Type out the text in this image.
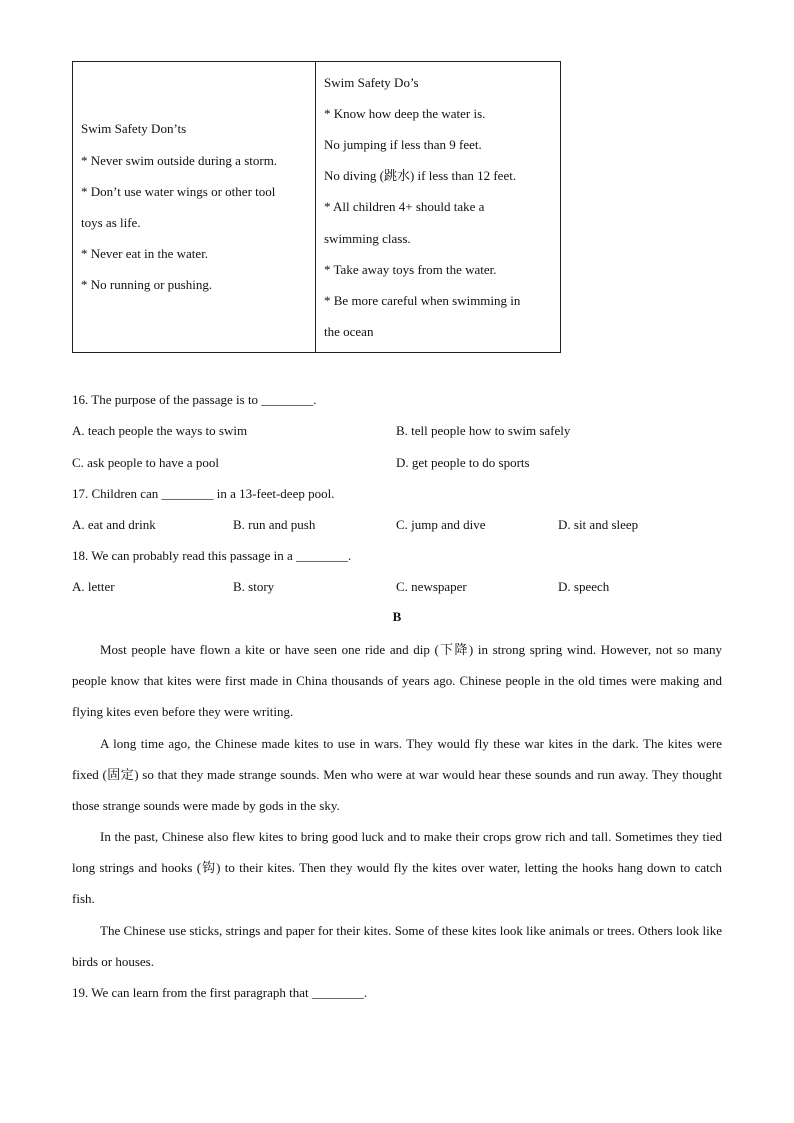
Swim Safety Don’ts
* Never swim outside during a storm.
* Don’t use water wings or other tool
toys as life.
* Never eat in the water.
* No running or pushing.

Swim Safety Do’s
* Know how deep the water is.
No jumping if less than 9 feet.
No diving (跳水) if less than 12 feet.
* All children 4+ should take a
swimming class.
* Take away toys from the water.
* Be more careful when swimming in
the ocean
16. The purpose of the passage is to ________.
A. teach people the ways to swim	B. tell people how to swim safely
C. ask people to have a pool	D. get people to do sports
17. Children can ________ in a 13-feet-deep pool.
A. eat and drink	B. run and push	C. jump and dive	D. sit and sleep
18. We can probably read this passage in a ________.
A. letter	B. story	C. newspaper	D. speech
B

Most people have flown a kite or have seen one ride and dip (下降) in strong spring wind. However, not so many people know that kites were first made in China thousands of years ago. Chinese people in the old times were making and flying kites even before they were writing.

A long time ago, the Chinese made kites to use in wars. They would fly these war kites in the dark. The kites were fixed (固定) so that they made strange sounds. Men who were at war would hear these sounds and run away. They thought those strange sounds were made by gods in the sky.

In the past, Chinese also flew kites to bring good luck and to make their crops grow rich and tall. Sometimes they tied long strings and hooks (钩) to their kites. Then they would fly the kites over water, letting the hooks hang down to catch fish.

The Chinese use sticks, strings and paper for their kites. Some of these kites look like animals or trees. Others look like birds or houses.

19. We can learn from the first paragraph that ________.
